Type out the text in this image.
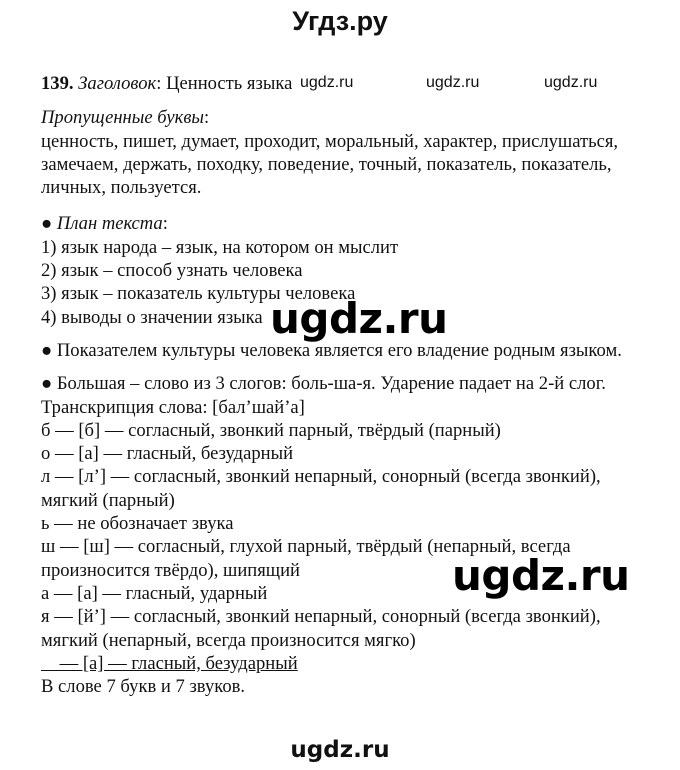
Угдз.ру
139. Заголовок: Ценность языка
Пропущенные буквы:
ценность, пишет, думает, проходит, моральный, характер, прислушаться,
замечаем, держать, походку, поведение, точный, показатель, показатель,
личных, пользуется.
● План текста:
1) язык народа – язык, на котором он мыслит
2) язык – способ узнать человека
3) язык – показатель культуры человека
4) выводы о значении языка
● Показателем культуры человека является его владение родным языком.
● Большая – слово из 3 слогов: боль-ша-я. Ударение падает на 2-й слог.
Транскрипция слова: [бал’шай’а]
б — [б] — согласный, звонкий парный, твёрдый (парный)
о — [а] — гласный, безударный
л — [л’] — согласный, звонкий непарный, сонорный (всегда звонкий),
мягкий (парный)
ь — не обозначает звука
ш — [ш] — согласный, глухой парный, твёрдый (непарный, всегда
произносится твёрдо), шипящий
а — [а] — гласный, ударный
я — [й’] — согласный, звонкий непарный, сонорный (всегда звонкий),
мягкий (непарный, всегда произносится мягко)
— [а] — гласный, безударный
В слове 7 букв и 7 звуков.
ugdz.ru	ugdz.ru	ugdz.ru
ugdz.ru
ugdz.ru
ugdz.ru
